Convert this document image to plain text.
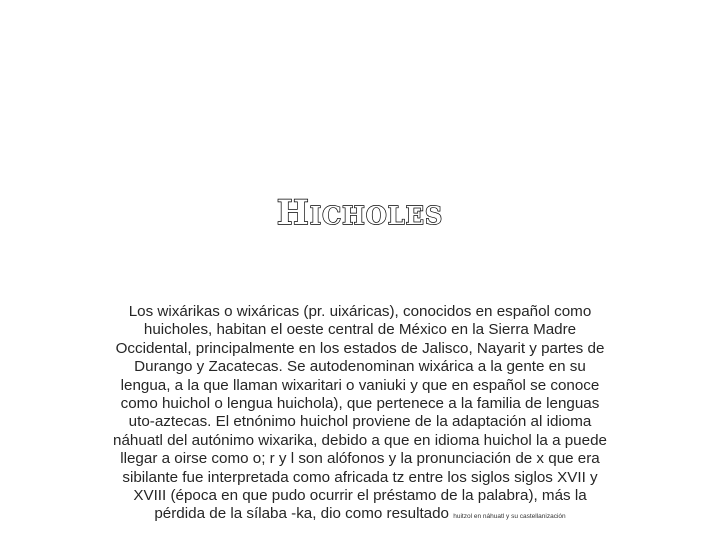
Hicholes
Los wixárikas o wixáricas (pr. uixáricas), conocidos en español como huicholes, habitan el oeste central de México en la Sierra Madre Occidental, principalmente en los estados de Jalisco, Nayarit y partes de Durango y Zacatecas. Se autodenominan wixárica a la gente en su lengua, a la que llaman wixaritari o vaniuki y que en español se conoce como huichol o lengua huichola), que pertenece a la familia de lenguas uto-aztecas. El etnónimo huichol proviene de la adaptación al idioma náhuatl del autónimo wixarika, debido a que en idioma huichol la a puede llegar a oirse como o; r y l son alófonos y la pronunciación de x que era sibilante fue interpretada como africada tz entre los siglos siglos XVII y XVIII (época en que pudo ocurrir el préstamo de la palabra), más la pérdida de la sílaba -ka, dio como resultado huitzol en náhuatl y su castellanización
